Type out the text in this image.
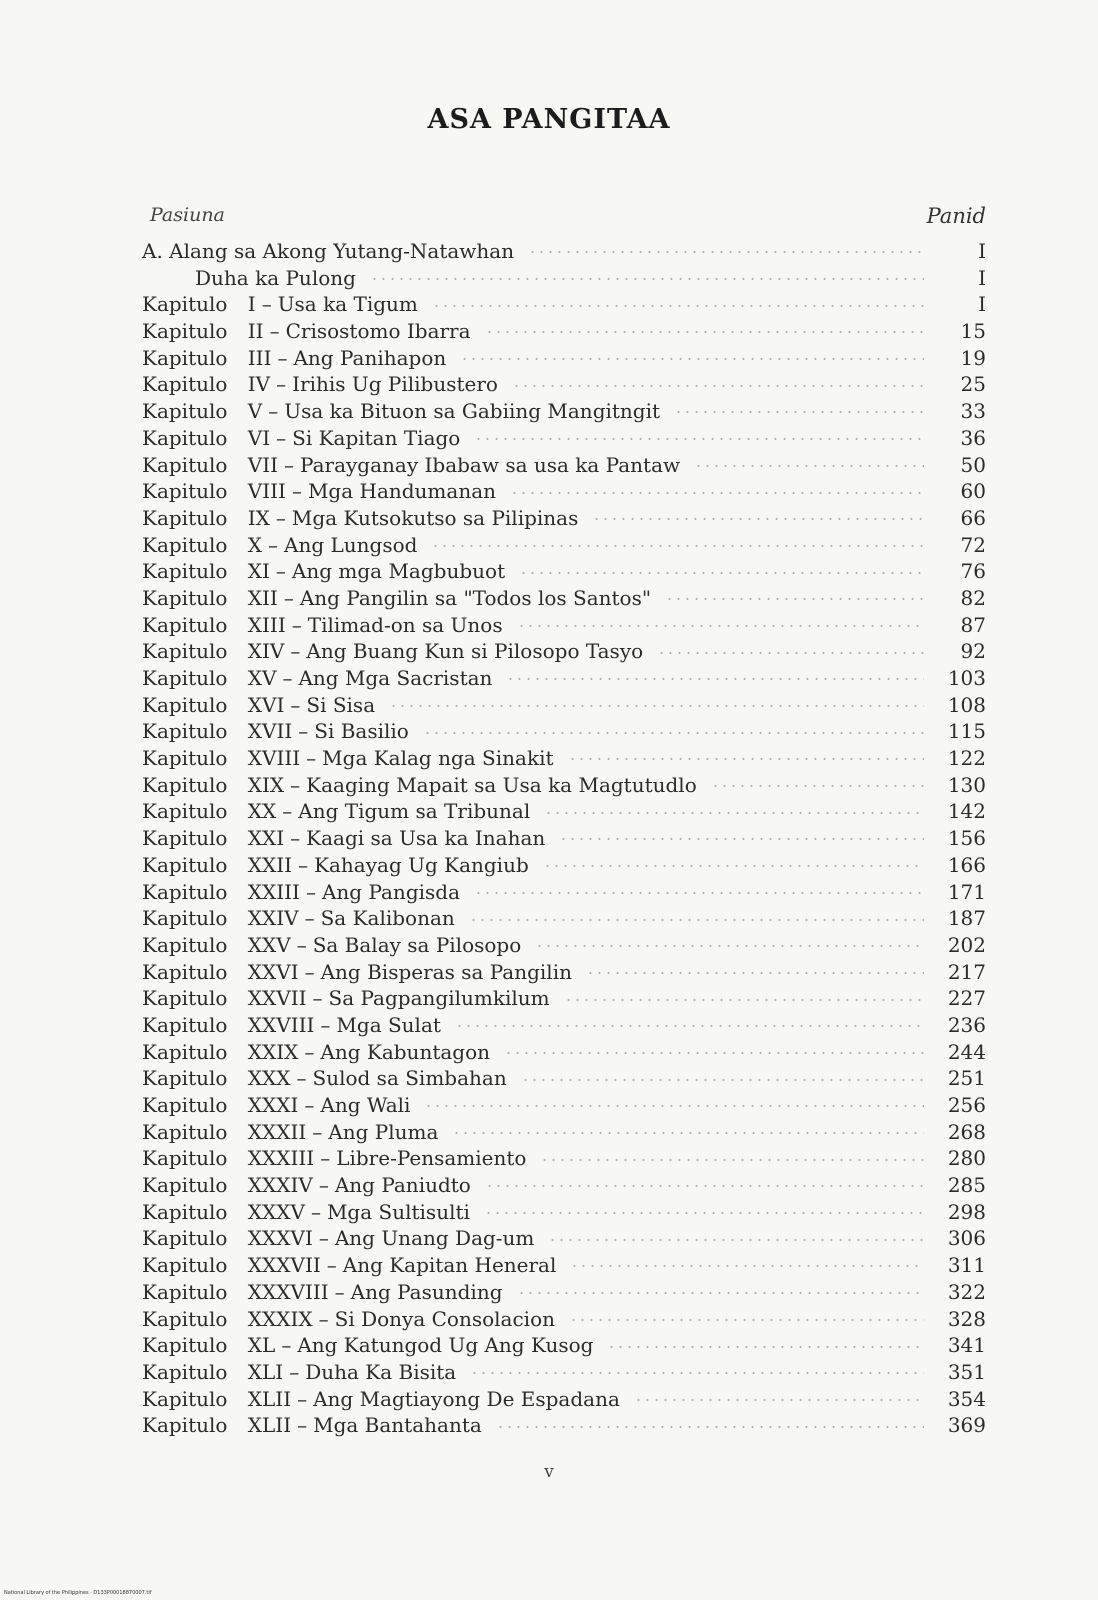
ASA PANGITAA
Pasiuna	Panid
A. Alang sa Akong Yutang-Natawhan	I
Duha ka Pulong	I
Kapitulo I – Usa ka Tigum	I
Kapitulo II – Crisostomo Ibarra	15
Kapitulo III – Ang Panihapon	19
Kapitulo IV – Irihis Ug Pilibustero	25
Kapitulo V – Usa ka Bituon sa Gabiing Mangitngit	33
Kapitulo VI – Si Kapitan Tiago	36
Kapitulo VII – Parayganay Ibabaw sa usa ka Pantaw	50
Kapitulo VIII – Mga Handumanan	60
Kapitulo IX – Mga Kutsokutso sa Pilipinas	66
Kapitulo X – Ang Lungsod	72
Kapitulo XI – Ang mga Magbubuot	76
Kapitulo XII – Ang Pangilin sa "Todos los Santos"	82
Kapitulo XIII – Tilimad-on sa Unos	87
Kapitulo XIV – Ang Buang Kun si Pilosopo Tasyo	92
Kapitulo XV – Ang Mga Sacristan	103
Kapitulo XVI – Si Sisa	108
Kapitulo XVII – Si Basilio	115
Kapitulo XVIII – Mga Kalag nga Sinakit	122
Kapitulo XIX – Kaaging Mapait sa Usa ka Magtutudlo	130
Kapitulo XX – Ang Tigum sa Tribunal	142
Kapitulo XXI – Kaagi sa Usa ka Inahan	156
Kapitulo XXII – Kahayag Ug Kangiub	166
Kapitulo XXIII – Ang Pangisda	171
Kapitulo XXIV – Sa Kalibonan	187
Kapitulo XXV – Sa Balay sa Pilosopo	202
Kapitulo XXVI – Ang Bisperas sa Pangilin	217
Kapitulo XXVII – Sa Pagpangilumkilum	227
Kapitulo XXVIII – Mga Sulat	236
Kapitulo XXIX – Ang Kabuntagon	244
Kapitulo XXX – Sulod sa Simbahan	251
Kapitulo XXXI – Ang Wali	256
Kapitulo XXXII – Ang Pluma	268
Kapitulo XXXIII – Libre-Pensamiento	280
Kapitulo XXXIV – Ang Paniudto	285
Kapitulo XXXV – Mga Sultisulti	298
Kapitulo XXXVI – Ang Unang Dag-um	306
Kapitulo XXXVII – Ang Kapitan Heneral	311
Kapitulo XXXVIII – Ang Pasunding	322
Kapitulo XXXIX – Si Donya Consolacion	328
Kapitulo XL – Ang Katungod Ug Ang Kusog	341
Kapitulo XLI – Duha Ka Bisita	351
Kapitulo XLII – Ang Magtiayong De Espadana	354
Kapitulo XLII – Mga Bantahanta	369
v
National Library of the Philippines · D133P00018870007.tif
